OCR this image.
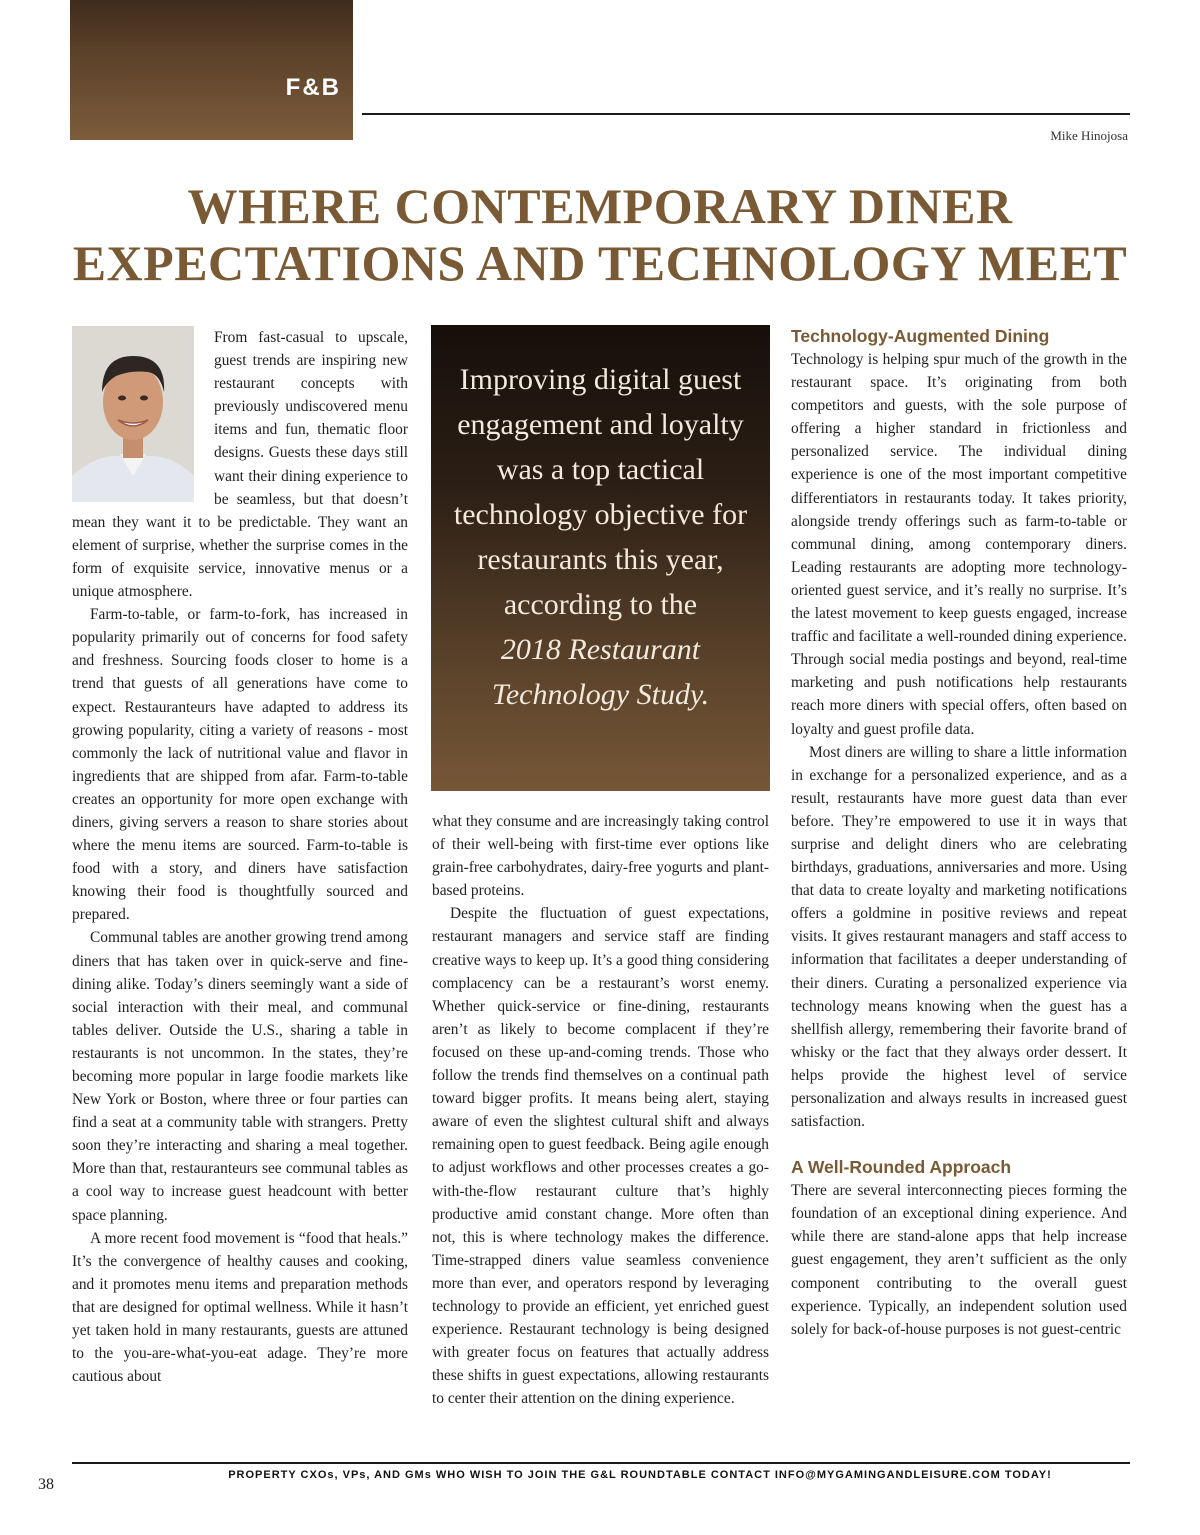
F&B
Mike Hinojosa
WHERE CONTEMPORARY DINER
EXPECTATIONS AND TECHNOLOGY MEET

From fast-casual to upscale, guest trends are inspiring new restaurant concepts with previously undiscovered menu items and fun, thematic floor designs. Guests these days still want their dining experience to be seamless, but that doesn’t mean they want it to be predictable. They want an element of surprise, whether the surprise comes in the form of exquisite service, innovative menus or a unique atmosphere.

Farm-to-table, or farm-to-fork, has increased in popularity primarily out of concerns for food safety and freshness. Sourcing foods closer to home is a trend that guests of all generations have come to expect. Restauranteurs have adapted to address its growing popularity, citing a variety of reasons - most commonly the lack of nutritional value and flavor in ingredients that are shipped from afar. Farm-to-table creates an opportunity for more open exchange with diners, giving servers a reason to share stories about where the menu items are sourced. Farm-to-table is food with a story, and diners have satisfaction knowing their food is thoughtfully sourced and prepared.

Communal tables are another growing trend among diners that has taken over in quick-serve and fine-dining alike. Today’s diners seemingly want a side of social interaction with their meal, and communal tables deliver. Outside the U.S., sharing a table in restaurants is not uncommon. In the states, they’re becoming more popular in large foodie markets like New York or Boston, where three or four parties can find a seat at a community table with strangers. Pretty soon they’re interacting and sharing a meal together. More than that, restauranteurs see communal tables as a cool way to increase guest headcount with better space planning.

A more recent food movement is “food that heals.” It’s the convergence of healthy causes and cooking, and it promotes menu items and preparation methods that are designed for optimal wellness. While it hasn’t yet taken hold in many restaurants, guests are attuned to the you-are-what-you-eat adage. They’re more cautious about

Improving digital guest engagement and loyalty was a top tactical technology objective for restaurants this year, according to the
2018 Restaurant Technology Study.

what they consume and are increasingly taking control of their well-being with first-time ever options like grain-free carbohydrates, dairy-free yogurts and plant-based proteins.

Despite the fluctuation of guest expectations, restaurant managers and service staff are finding creative ways to keep up. It’s a good thing considering complacency can be a restaurant’s worst enemy. Whether quick-service or fine-dining, restaurants aren’t as likely to become complacent if they’re focused on these up-and-coming trends. Those who follow the trends find themselves on a continual path toward bigger profits. It means being alert, staying aware of even the slightest cultural shift and always remaining open to guest feedback. Being agile enough to adjust workflows and other processes creates a go-with-the-flow restaurant culture that’s highly productive amid constant change. More often than not, this is where technology makes the difference. Time-strapped diners value seamless convenience more than ever, and operators respond by leveraging technology to provide an efficient, yet enriched guest experience. Restaurant technology is being designed with greater focus on features that actually address these shifts in guest expectations, allowing restaurants to center their attention on the dining experience.

Technology-Augmented Dining

Technology is helping spur much of the growth in the restaurant space. It’s originating from both competitors and guests, with the sole purpose of offering a higher standard in frictionless and personalized service. The individual dining experience is one of the most important competitive differentiators in restaurants today. It takes priority, alongside trendy offerings such as farm-to-table or communal dining, among contemporary diners. Leading restaurants are adopting more technology-oriented guest service, and it’s really no surprise. It’s the latest movement to keep guests engaged, increase traffic and facilitate a well-rounded dining experience. Through social media postings and beyond, real-time marketing and push notifications help restaurants reach more diners with special offers, often based on loyalty and guest profile data.

Most diners are willing to share a little information in exchange for a personalized experience, and as a result, restaurants have more guest data than ever before. They’re empowered to use it in ways that surprise and delight diners who are celebrating birthdays, graduations, anniversaries and more. Using that data to create loyalty and marketing notifications offers a goldmine in positive reviews and repeat visits. It gives restaurant managers and staff access to information that facilitates a deeper understanding of their diners. Curating a personalized experience via technology means knowing when the guest has a shellfish allergy, remembering their favorite brand of whisky or the fact that they always order dessert. It helps provide the highest level of service personalization and always results in increased guest satisfaction.

A Well-Rounded Approach

There are several interconnecting pieces forming the foundation of an exceptional dining experience. And while there are stand-alone apps that help increase guest engagement, they aren’t sufficient as the only component contributing to the overall guest experience. Typically, an independent solution used solely for back-of-house purposes is not guest-centric

38
PROPERTY CXOs, VPs, AND GMs WHO WISH TO JOIN THE G&L ROUNDTABLE CONTACT INFO@MYGAMINGANDLEISURE.COM TODAY!
